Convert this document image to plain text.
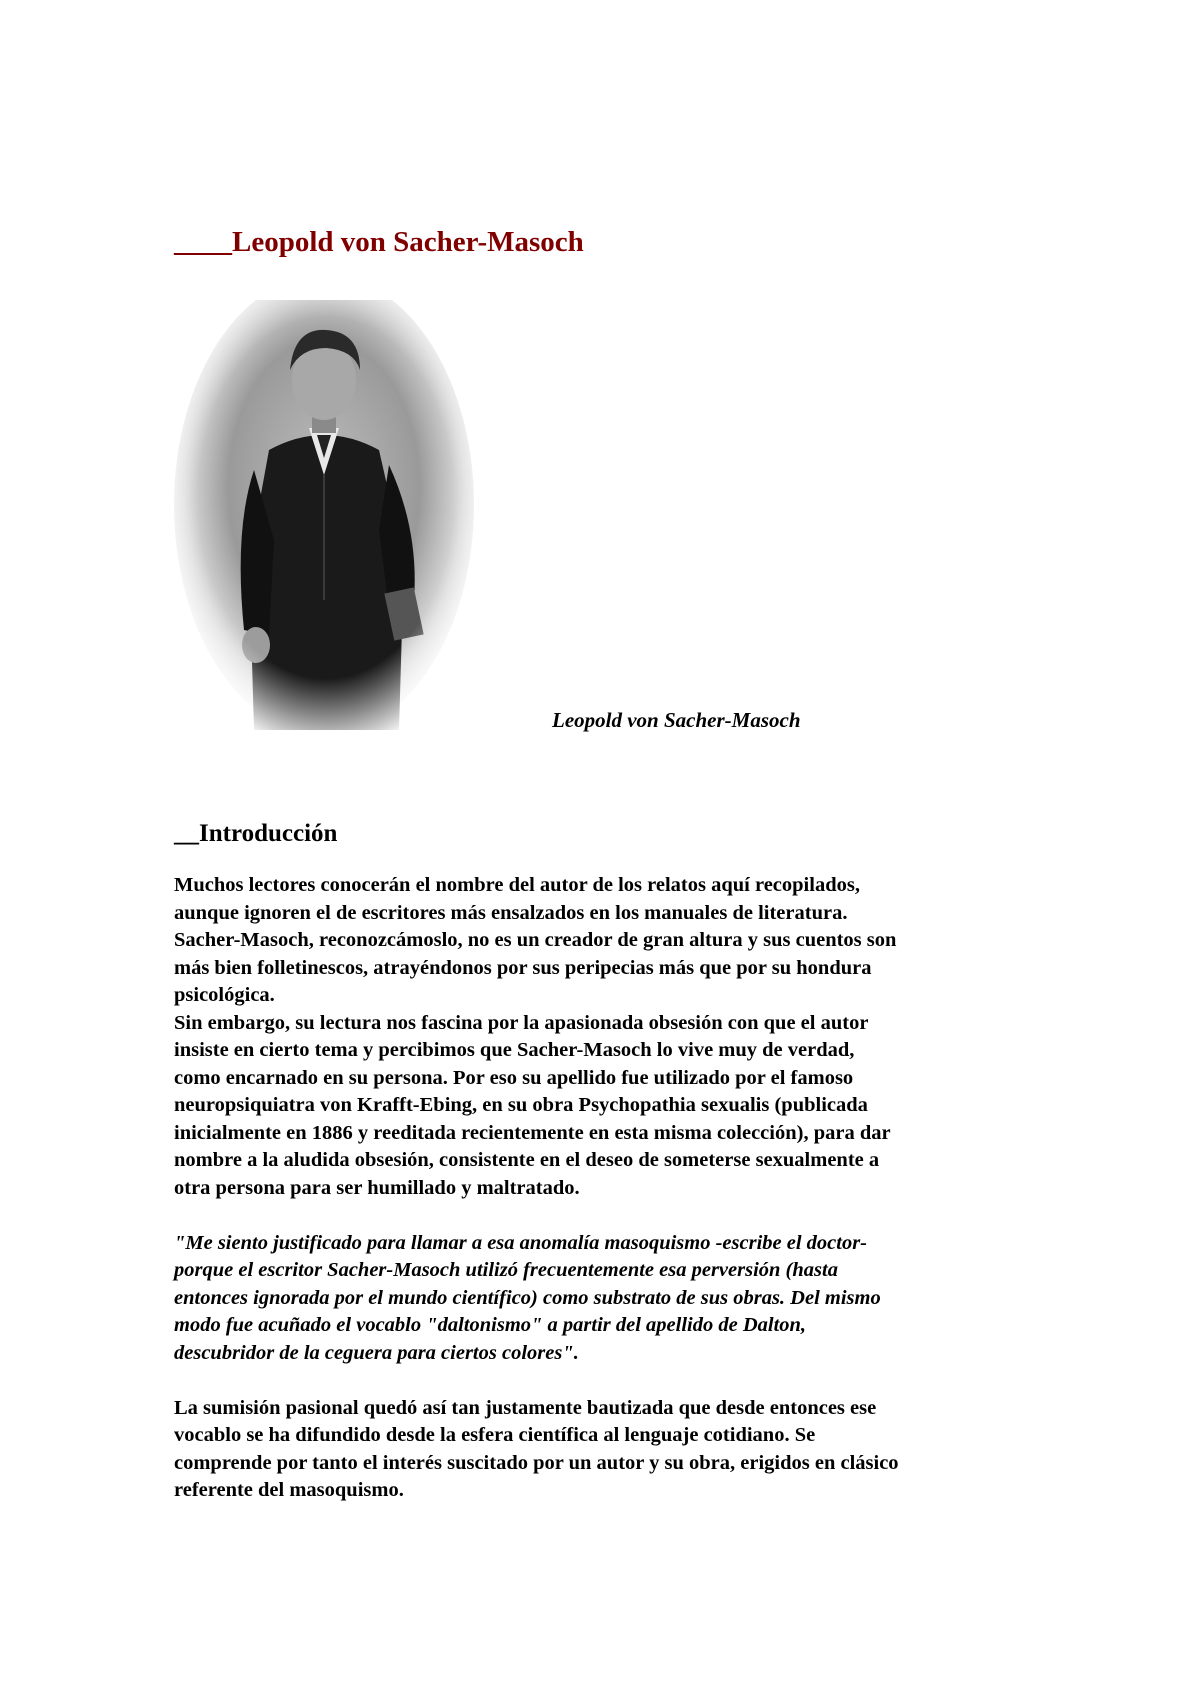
____Leopold von Sacher-Masoch
Leopold von Sacher-Masoch
__Introducción

Muchos lectores conocerán el nombre del autor de los relatos aquí recopilados,
aunque ignoren el de escritores más ensalzados en los manuales de literatura.
Sacher-Masoch, reconozcámoslo, no es un creador de gran altura y sus cuentos son
más bien folletinescos, atrayéndonos por sus peripecias más que por su hondura
psicológica.

Sin embargo, su lectura nos fascina por la apasionada obsesión con que el autor
insiste en cierto tema y percibimos que Sacher-Masoch lo vive muy de verdad,
como encarnado en su persona. Por eso su apellido fue utilizado por el famoso
neuropsiquiatra von Krafft-Ebing, en su obra Psychopathia sexualis (publicada
inicialmente en 1886 y reeditada recientemente en esta misma colección), para dar
nombre a la aludida obsesión, consistente en el deseo de someterse sexualmente a
otra persona para ser humillado y maltratado.

"Me siento justificado para llamar a esa anomalía masoquismo -escribe el doctor-
porque el escritor Sacher-Masoch utilizó frecuentemente esa perversión (hasta
entonces ignorada por el mundo científico) como substrato de sus obras. Del mismo
modo fue acuñado el vocablo "daltonismo" a partir del apellido de Dalton,
descubridor de la ceguera para ciertos colores".

La sumisión pasional quedó así tan justamente bautizada que desde entonces ese
vocablo se ha difundido desde la esfera científica al lenguaje cotidiano. Se
comprende por tanto el interés suscitado por un autor y su obra, erigidos en clásico
referente del masoquismo.
